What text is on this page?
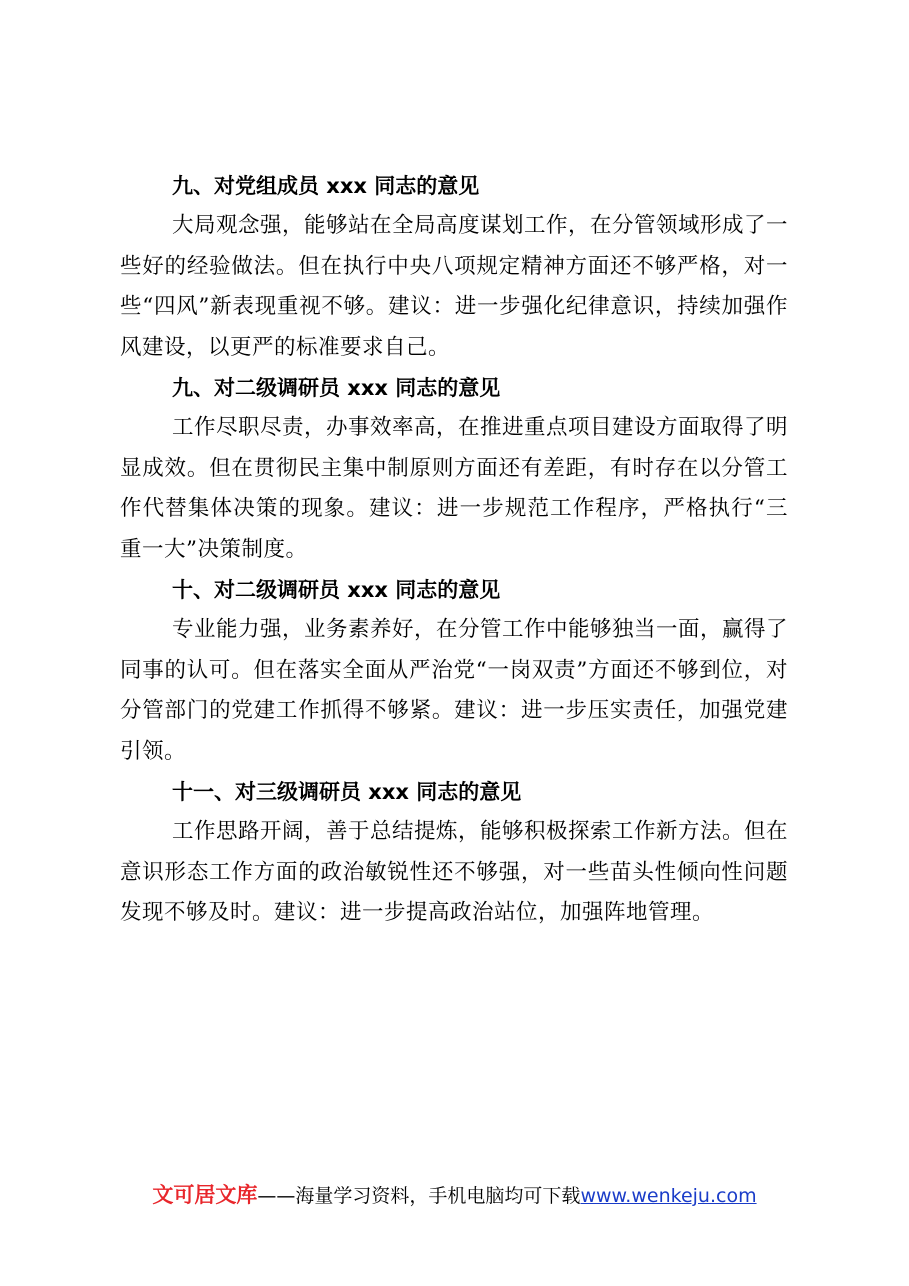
九、对党组成员 xxx 同志的意见

大局观念强，能够站在全局高度谋划工作，在分管领域形成了一些好的经验做法。但在执行中央八项规定精神方面还不够严格，对一些“四风”新表现重视不够。建议：进一步强化纪律意识，持续加强作风建设，以更严的标准要求自己。

九、对二级调研员 xxx 同志的意见

工作尽职尽责，办事效率高，在推进重点项目建设方面取得了明显成效。但在贯彻民主集中制原则方面还有差距，有时存在以分管工作代替集体决策的现象。建议：进一步规范工作程序，严格执行“三重一大”决策制度。

十、对二级调研员 xxx 同志的意见

专业能力强，业务素养好，在分管工作中能够独当一面，赢得了同事的认可。但在落实全面从严治党“一岗双责”方面还不够到位，对分管部门的党建工作抓得不够紧。建议：进一步压实责任，加强党建引领。

十一、对三级调研员 xxx 同志的意见

工作思路开阔，善于总结提炼，能够积极探索工作新方法。但在意识形态工作方面的政治敏锐性还不够强，对一些苗头性倾向性问题发现不够及时。建议：进一步提高政治站位，加强阵地管理。

文可居文库——海量学习资料，手机电脑均可下载www.wenkeju.com
